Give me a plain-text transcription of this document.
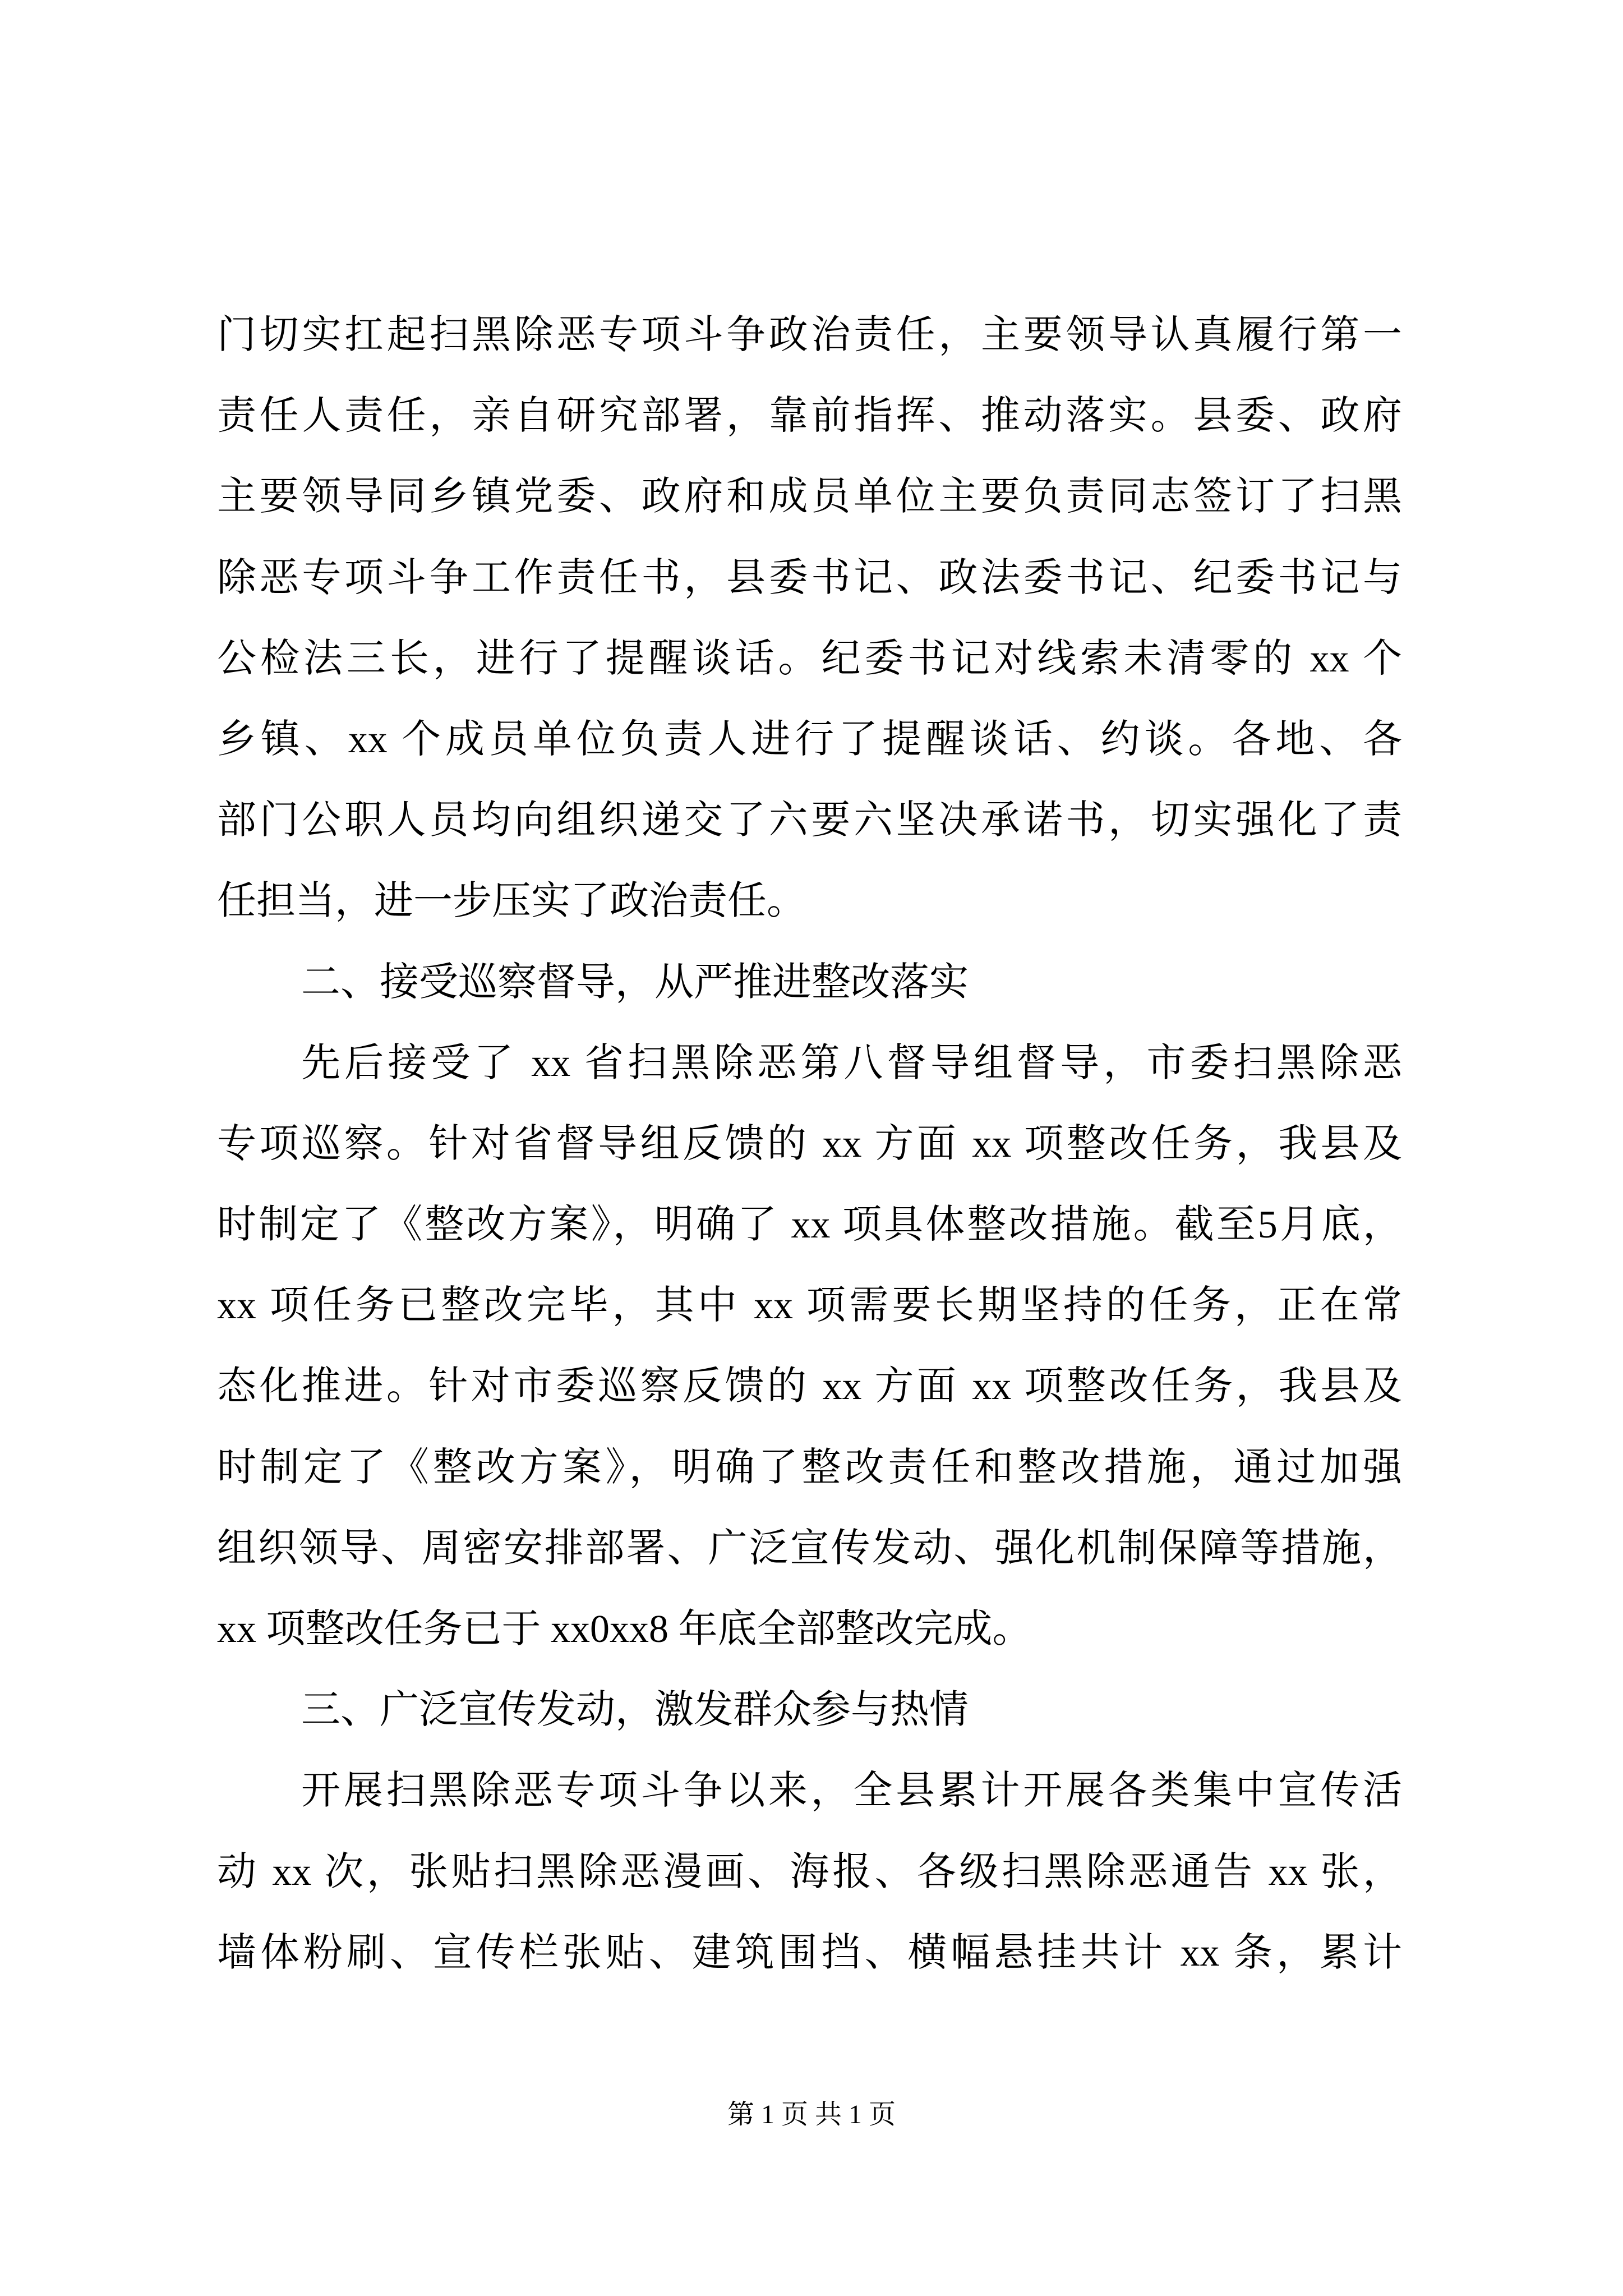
门切实扛起扫黑除恶专项斗争政治责任，主要领导认真履行第一
责任人责任，亲自研究部署，靠前指挥、推动落实。县委、政府
主要领导同乡镇党委、政府和成员单位主要负责同志签订了扫黑
除恶专项斗争工作责任书，县委书记、政法委书记、纪委书记与
公检法三长，进行了提醒谈话。纪委书记对线索未清零的 xx 个
乡镇、xx 个成员单位负责人进行了提醒谈话、约谈。各地、各
部门公职人员均向组织递交了六要六坚决承诺书，切实强化了责
任担当，进一步压实了政治责任。
二、接受巡察督导，从严推进整改落实
先后接受了 xx 省扫黑除恶第八督导组督导，市委扫黑除恶
专项巡察。针对省督导组反馈的 xx 方面 xx 项整改任务，我县及
时制定了《整改方案》，明确了 xx 项具体整改措施。截至5月底，
xx 项任务已整改完毕，其中 xx 项需要长期坚持的任务，正在常
态化推进。针对市委巡察反馈的 xx 方面 xx 项整改任务，我县及
时制定了《整改方案》，明确了整改责任和整改措施，通过加强
组织领导、周密安排部署、广泛宣传发动、强化机制保障等措施，
xx 项整改任务已于 xx0xx8 年底全部整改完成。
三、广泛宣传发动，激发群众参与热情
开展扫黑除恶专项斗争以来，全县累计开展各类集中宣传活
动 xx 次，张贴扫黑除恶漫画、海报、各级扫黑除恶通告 xx 张，
墙体粉刷、宣传栏张贴、建筑围挡、横幅悬挂共计 xx 条，累计
第 1 页 共 1 页
